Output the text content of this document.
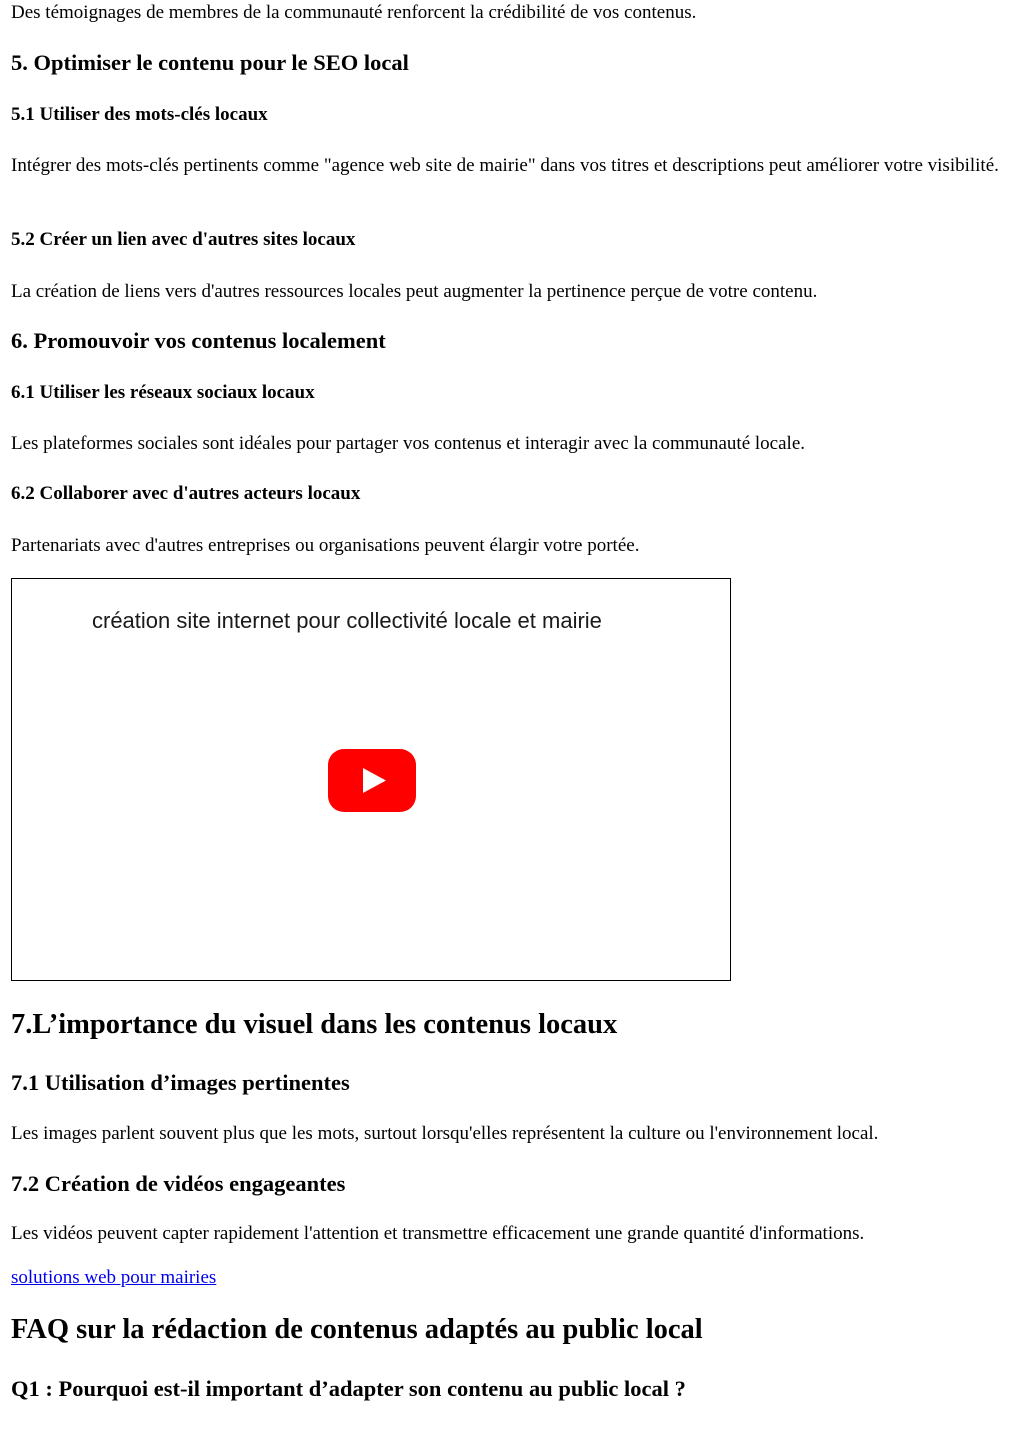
Des témoignages de membres de la communauté renforcent la crédibilité de vos contenus.

5. Optimiser le contenu pour le SEO local
5.1 Utiliser des mots-clés locaux

Intégrer des mots-clés pertinents comme "agence web site de mairie" dans vos titres et descriptions peut améliorer votre visibilité.

5.2 Créer un lien avec d'autres sites locaux

La création de liens vers d'autres ressources locales peut augmenter la pertinence perçue de votre contenu.

6. Promouvoir vos contenus localement
6.1 Utiliser les réseaux sociaux locaux

Les plateformes sociales sont idéales pour partager vos contenus et interagir avec la communauté locale.

6.2 Collaborer avec d'autres acteurs locaux

Partenariats avec d'autres entreprises ou organisations peuvent élargir votre portée.

création site internet pour collectivité locale et mairie
7.L’importance du visuel dans les contenus locaux
7.1 Utilisation d’images pertinentes

Les images parlent souvent plus que les mots, surtout lorsqu'elles représentent la culture ou l'environnement local.

7.2 Création de vidéos engageantes

Les vidéos peuvent capter rapidement l'attention et transmettre efficacement une grande quantité d'informations.

solutions web pour mairies
FAQ sur la rédaction de contenus adaptés au public local
Q1 : Pourquoi est-il important d’adapter son contenu au public local ?
